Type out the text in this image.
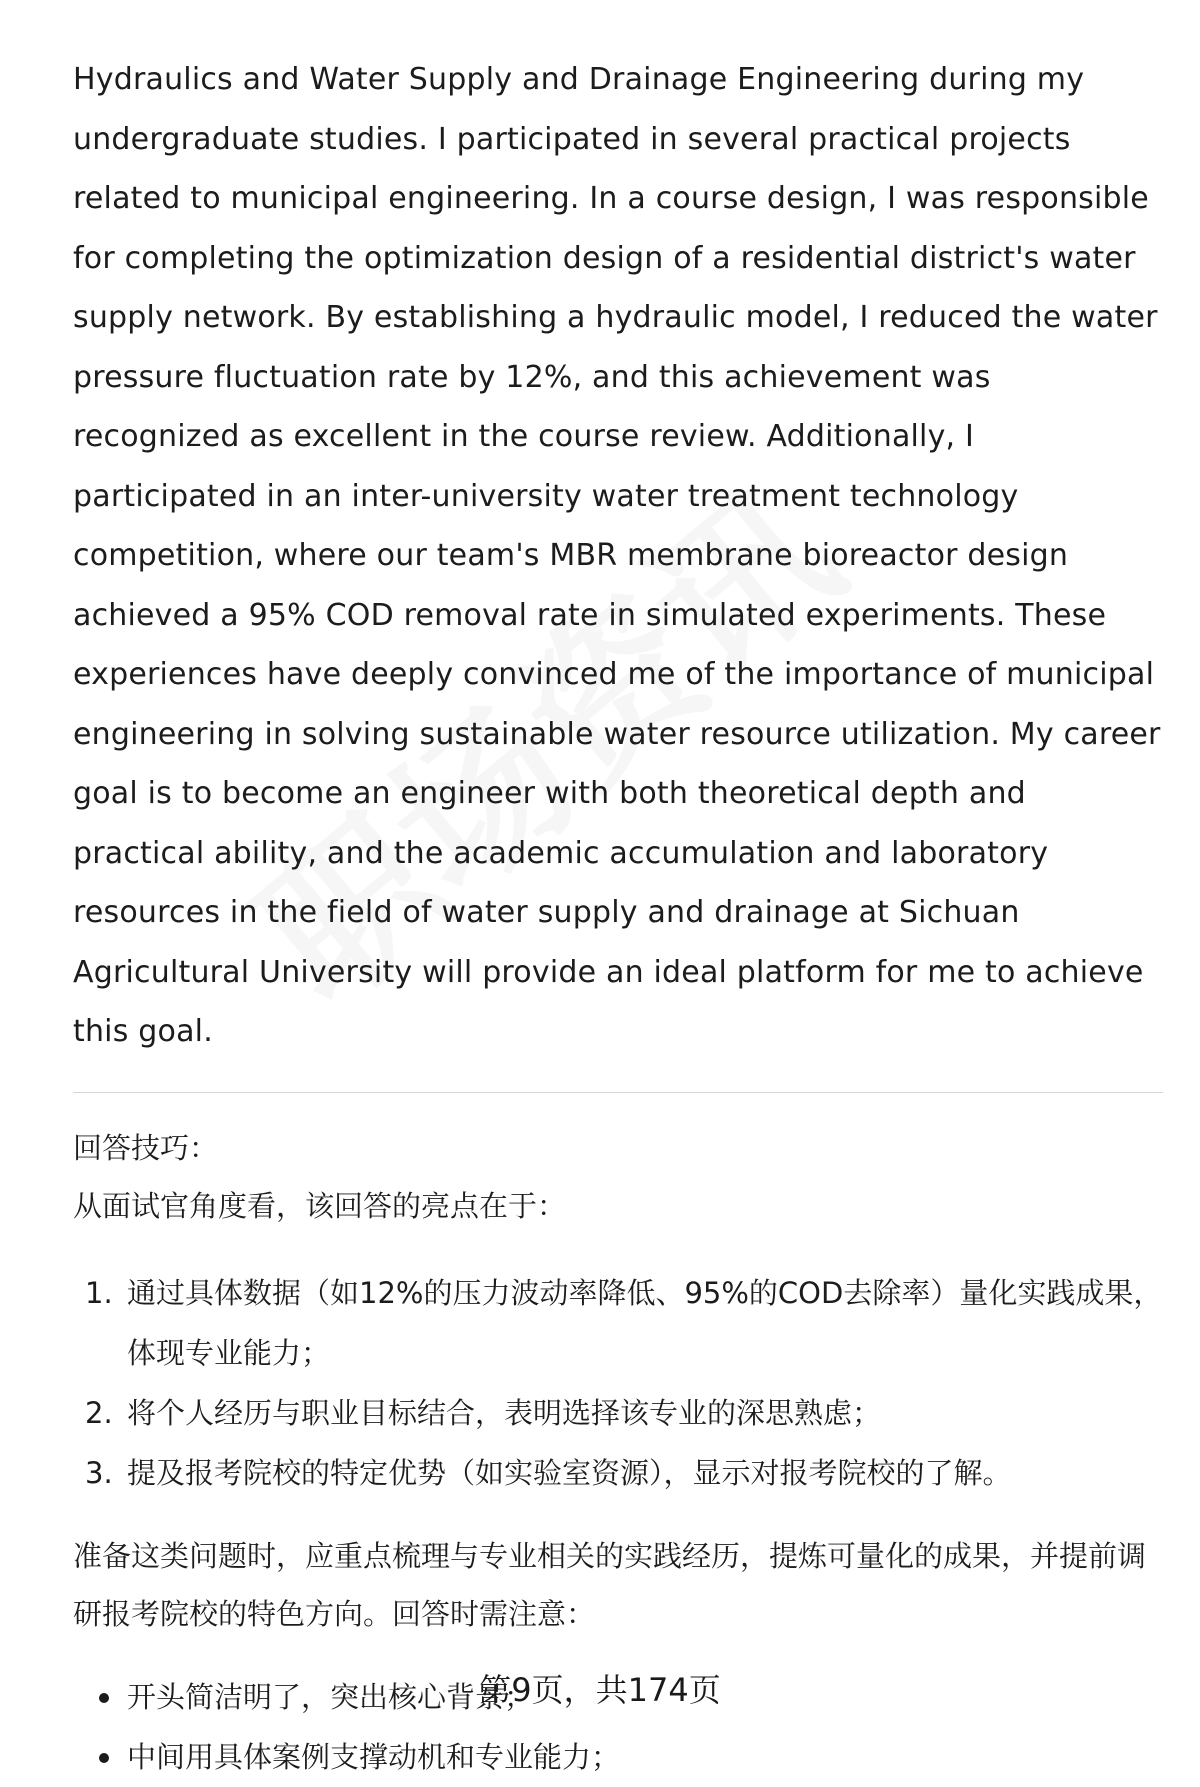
Hydraulics and Water Supply and Drainage Engineering during my undergraduate studies. I participated in several practical projects related to municipal engineering. In a course design, I was responsible for completing the optimization design of a residential district's water supply network. By establishing a hydraulic model, I reduced the water pressure fluctuation rate by 12%, and this achievement was recognized as excellent in the course review. Additionally, I participated in an inter-university water treatment technology competition, where our team's MBR membrane bioreactor design achieved a 95% COD removal rate in simulated experiments. These experiences have deeply convinced me of the importance of municipal engineering in solving sustainable water resource utilization. My career goal is to become an engineer with both theoretical depth and practical ability, and the academic accumulation and laboratory resources in the field of water supply and drainage at Sichuan Agricultural University will provide an ideal platform for me to achieve this goal.

回答技巧：

从面试官角度看，该回答的亮点在于：

1. 通过具体数据（如12%的压力波动率降低、95%的COD去除率）量化实践成果，体现专业能力；
2. 将个人经历与职业目标结合，表明选择该专业的深思熟虑；
3. 提及报考院校的特定优势（如实验室资源），显示对报考院校的了解。

准备这类问题时，应重点梳理与专业相关的实践经历，提炼可量化的成果，并提前调研报考院校的特色方向。回答时需注意：

开头简洁明了，突出核心背景；
中间用具体案例支撑动机和专业能力；
第9页，共174页
